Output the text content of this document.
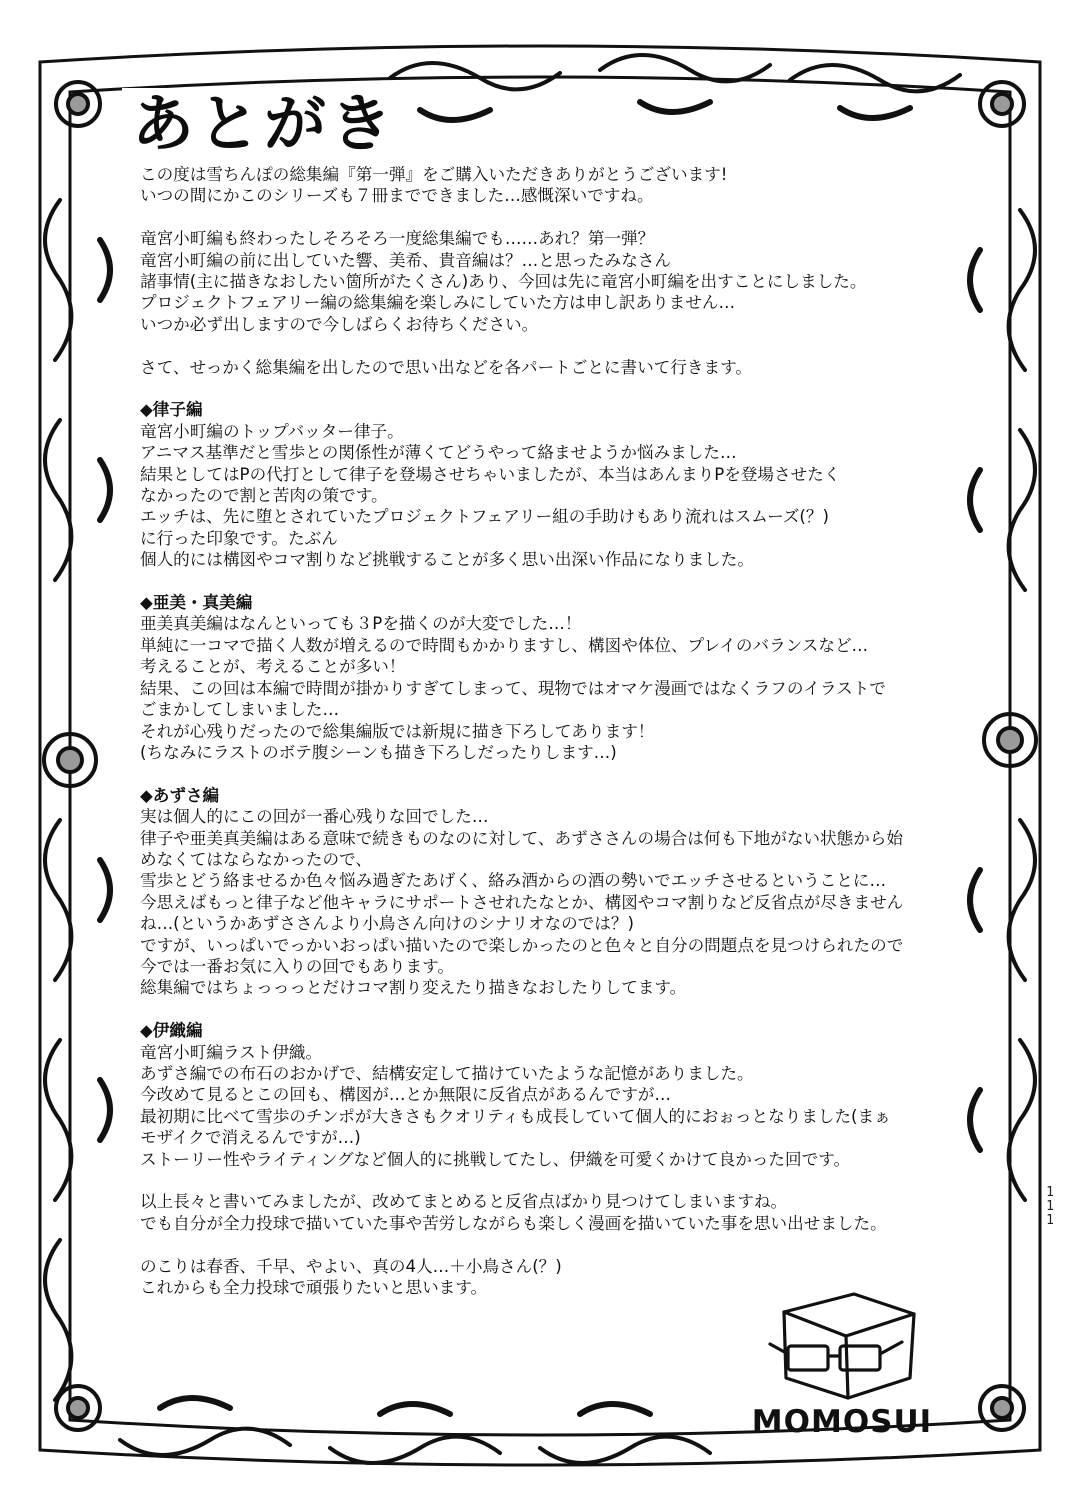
あとがき
この度は雪ちんぽの総集編『第一弾』をご購入いただきありがとうございます!
いつの間にかこのシリーズも７冊までできました…感慨深いですね。
竜宮小町編も終わったしそろそろ一度総集編でも……あれ？第一弾？
竜宮小町編の前に出していた響、美希、貴音編は？…と思ったみなさん
諸事情(主に描きなおしたい箇所がたくさん)あり、今回は先に竜宮小町編を出すことにしました。
プロジェクトフェアリー編の総集編を楽しみにしていた方は申し訳ありません…
いつか必ず出しますので今しばらくお待ちください。
さて、せっかく総集編を出したので思い出などを各パートごとに書いて行きます。
◆律子編
竜宮小町編のトップバッター律子。
アニマス基準だと雪歩との関係性が薄くてどうやって絡ませようか悩みました…
結果としてはPの代打として律子を登場させちゃいましたが、本当はあんまりPを登場させたく
なかったので割と苦肉の策です。
エッチは、先に堕とされていたプロジェクトフェアリー組の手助けもあり流れはスムーズ(？)
に行った印象です。たぶん
個人的には構図やコマ割りなど挑戦することが多く思い出深い作品になりました。
◆亜美・真美編
亜美真美編はなんといっても３Pを描くのが大変でした…！
単純に一コマで描く人数が増えるので時間もかかりますし、構図や体位、プレイのバランスなど…
考えることが、考えることが多い！
結果、この回は本編で時間が掛かりすぎてしまって、現物ではオマケ漫画ではなくラフのイラストで
ごまかしてしまいました…
それが心残りだったので総集編版では新規に描き下ろしてあります！
(ちなみにラストのボテ腹シーンも描き下ろしだったりします…)
◆あずさ編
実は個人的にこの回が一番心残りな回でした…
律子や亜美真美編はある意味で続きものなのに対して、あずささんの場合は何も下地がない状態から始
めなくてはならなかったので、
雪歩とどう絡ませるか色々悩み過ぎたあげく、絡み酒からの酒の勢いでエッチさせるということに…
今思えばもっと律子など他キャラにサポートさせれたなとか、構図やコマ割りなど反省点が尽きません
ね…(というかあずささんより小鳥さん向けのシナリオなのでは？)
ですが、いっぱいでっかいおっぱい描いたので楽しかったのと色々と自分の問題点を見つけられたので
今では一番お気に入りの回でもあります。
総集編ではちょっっっとだけコマ割り変えたり描きなおしたりしてます。
◆伊織編
竜宮小町編ラスト伊織。
あずさ編での布石のおかげで、結構安定して描けていたような記憶がありました。
今改めて見るとこの回も、構図が…とか無限に反省点があるんですが…
最初期に比べて雪歩のチンポが大きさもクオリティも成長していて個人的におぉっとなりました(まぁ
モザイクで消えるんですが…)
ストーリー性やライティングなど個人的に挑戦してたし、伊織を可愛くかけて良かった回です。
以上長々と書いてみましたが、改めてまとめると反省点ばかり見つけてしまいますね。
でも自分が全力投球で描いていた事や苦労しながらも楽しく漫画を描いていた事を思い出せました。
のこりは春香、千早、やよい、真の4人…＋小鳥さん(？)
これからも全力投球で頑張りたいと思います。
111
MOMOSUI
